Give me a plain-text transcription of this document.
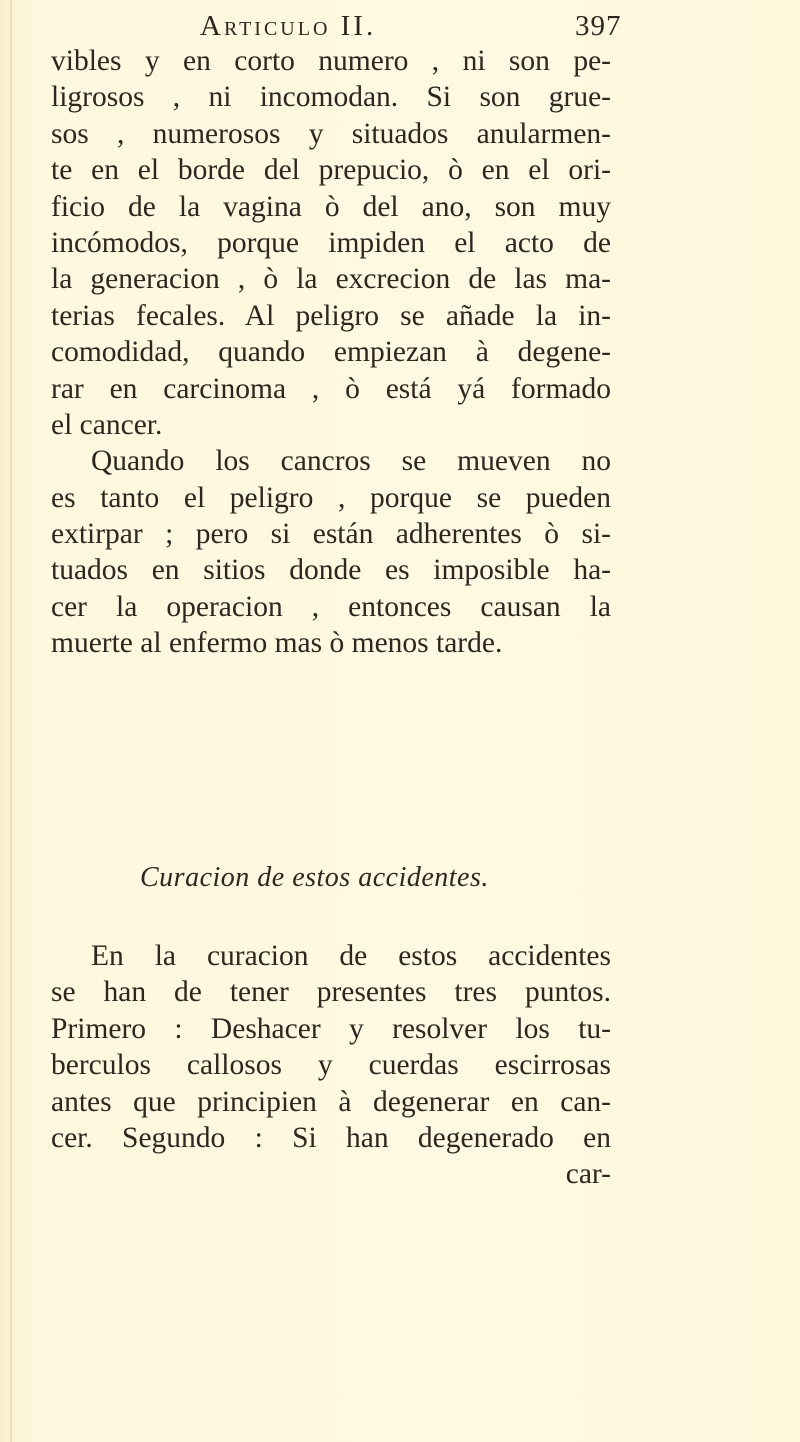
Articulo II.	397
vibles y en corto numero , ni son pe-
ligrosos , ni incomodan. Si son grue-
sos , numerosos y situados anularmen-
te en el borde del prepucio, ò en el ori-
ficio de la vagina ò del ano, son muy
incómodos, porque impiden el acto de
la generacion , ò la excrecion de las ma-
terias fecales. Al peligro se añade la in-
comodidad, quando empiezan à degene-
rar en carcinoma , ò está yá formado
el cancer.
Quando los cancros se mueven no
es tanto el peligro , porque se pueden
extirpar ; pero si están adherentes ò si-
tuados en sitios donde es imposible ha-
cer la operacion , entonces causan la
muerte al enfermo mas ò menos tarde.
Curacion de estos accidentes.
En la curacion de estos accidentes
se han de tener presentes tres puntos.
Primero : Deshacer y resolver los tu-
berculos callosos y cuerdas escirrosas
antes que principien à degenerar en can-
cer. Segundo : Si han degenerado en
car-
